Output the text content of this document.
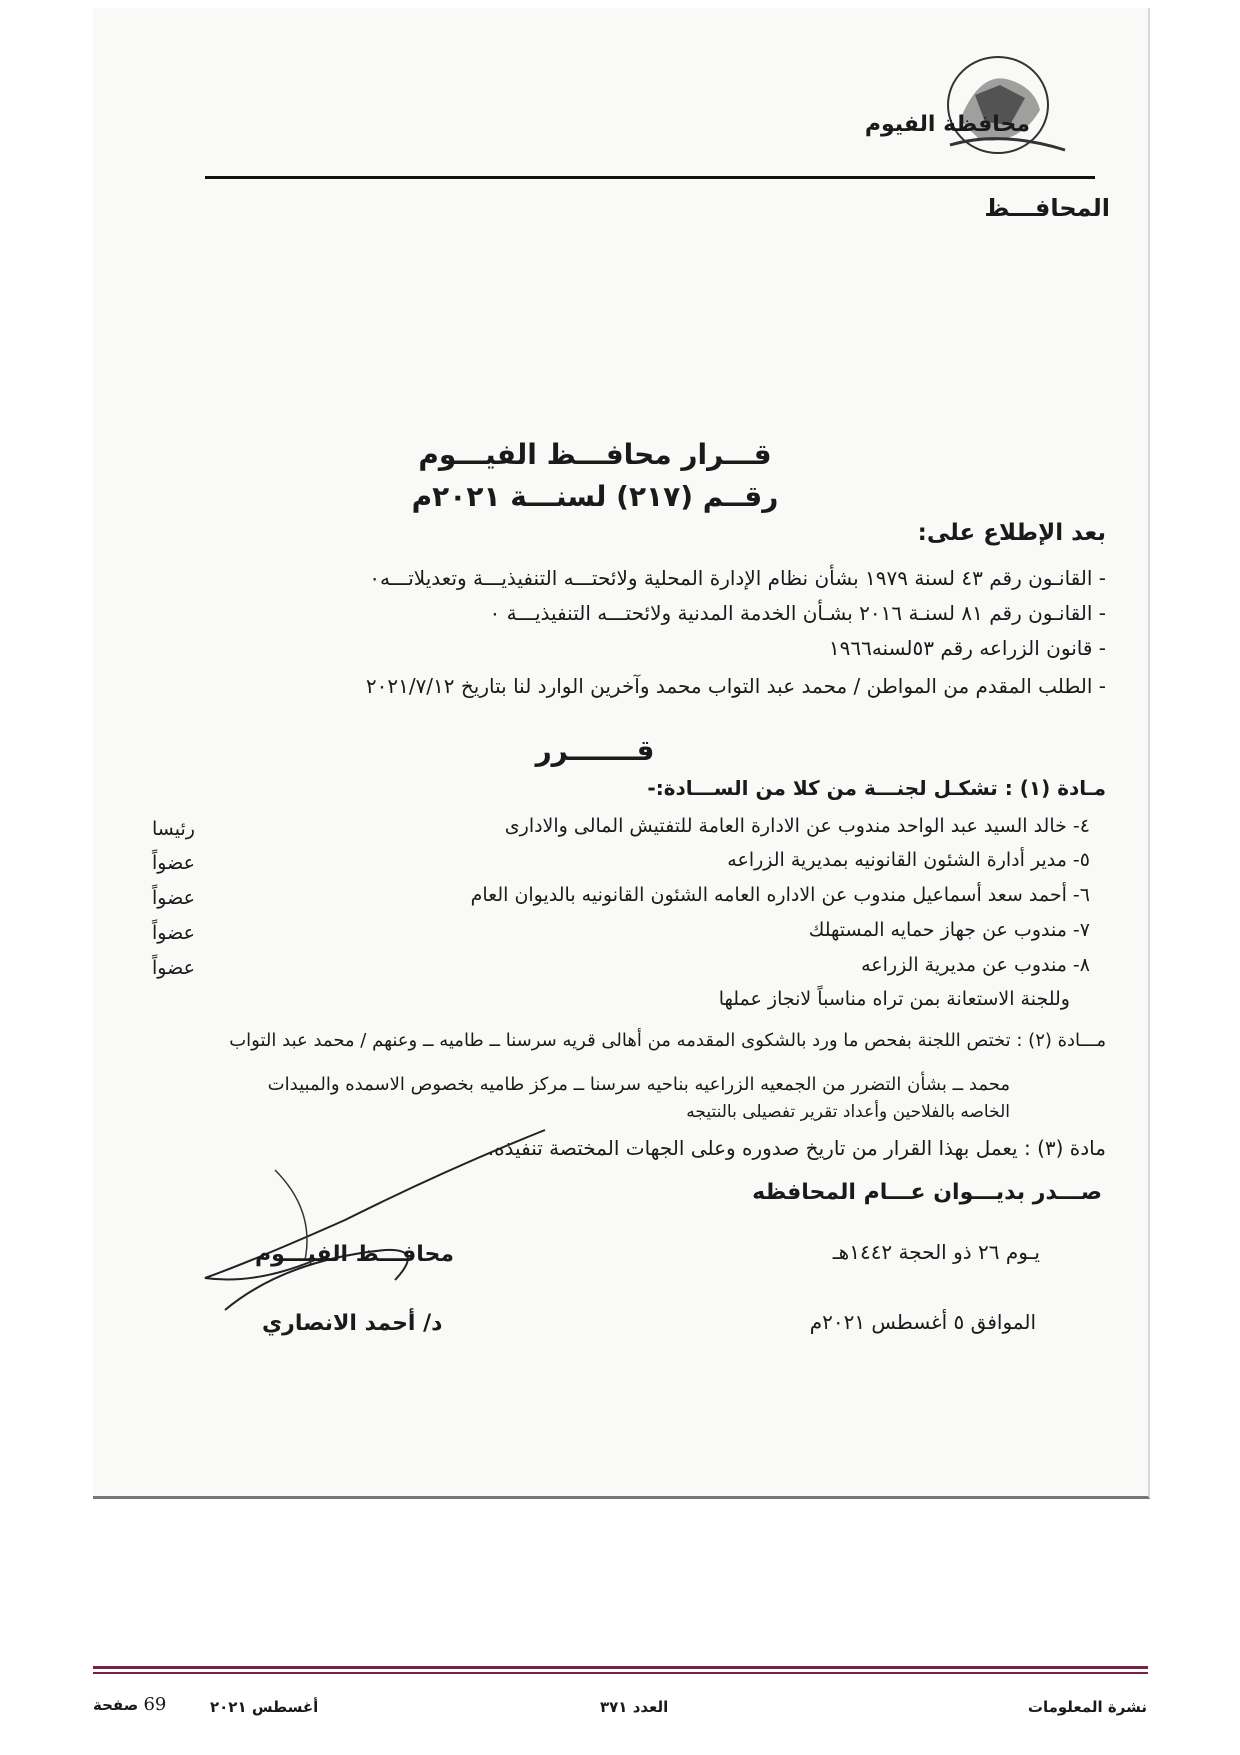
محافظة الفيوم
المحافـــظ
قـــرار محافـــظ الفيـــوم
رقــم (٢١٧) لسنـــة ٢٠٢١م
بعد الإطلاع على:
- القانـون رقم ٤٣ لسنة ١٩٧٩ بشأن نظام الإدارة المحلية ولائحتـــه التنفيذيـــة وتعديلاتـــه٠
- القانـون رقم ٨١ لسنـة ٢٠١٦ بشـأن الخدمة المدنية ولائحتـــه التنفيذيـــة ٠
- قانون الزراعه رقم ٥٣لسنه١٩٦٦
- الطلب المقدم من المواطن / محمد عبد التواب محمد وآخرين الوارد لنا بتاريخ ٢٠٢١/٧/١٢
قـــــــرر
مـادة (١) : تشكـل لجنـــة من كلا من الســـادة:-
٤- خالد السيد عبد الواحد مندوب عن الادارة العامة للتفتيش المالى والادارى
رئيسا
٥- مدير أدارة الشئون القانونيه بمديرية الزراعه
عضواً
٦- أحمد سعد أسماعيل مندوب عن الاداره العامه الشئون القانونيه بالديوان العام
عضواً
٧- مندوب عن جهاز حمايه المستهلك
عضواً
٨- مندوب عن مديرية الزراعه
عضواً
وللجنة الاستعانة بمن تراه مناسباً لانجاز عملها
مـــادة (٢) : تختص اللجنة بفحص ما ورد بالشكوى المقدمه من أهالى قريه سرسنا ــ طاميه ــ وعنهم / محمد عبد التواب
محمد ــ بشأن التضرر من الجمعيه الزراعيه بناحيه سرسنا ــ مركز طاميه بخصوص الاسمده والمبيدات
الخاصه بالفلاحين وأعداد تقرير تفصيلى بالنتيجه
مادة (٣) : يعمل بهذا القرار من تاريخ صدوره وعلى الجهات المختصة تنفيذه.
صـــدر بديـــوان عـــام المحافظه
يـوم ٢٦ ذو الحجة ١٤٤٢هـ
الموافق ٥ أغسطس ٢٠٢١م
محافـــظ الفيـــوم
د/ أحمد الانصاري
نشرة المعلومات
العدد ٣٧١
أغسطس ٢٠٢١
69 صفحة
